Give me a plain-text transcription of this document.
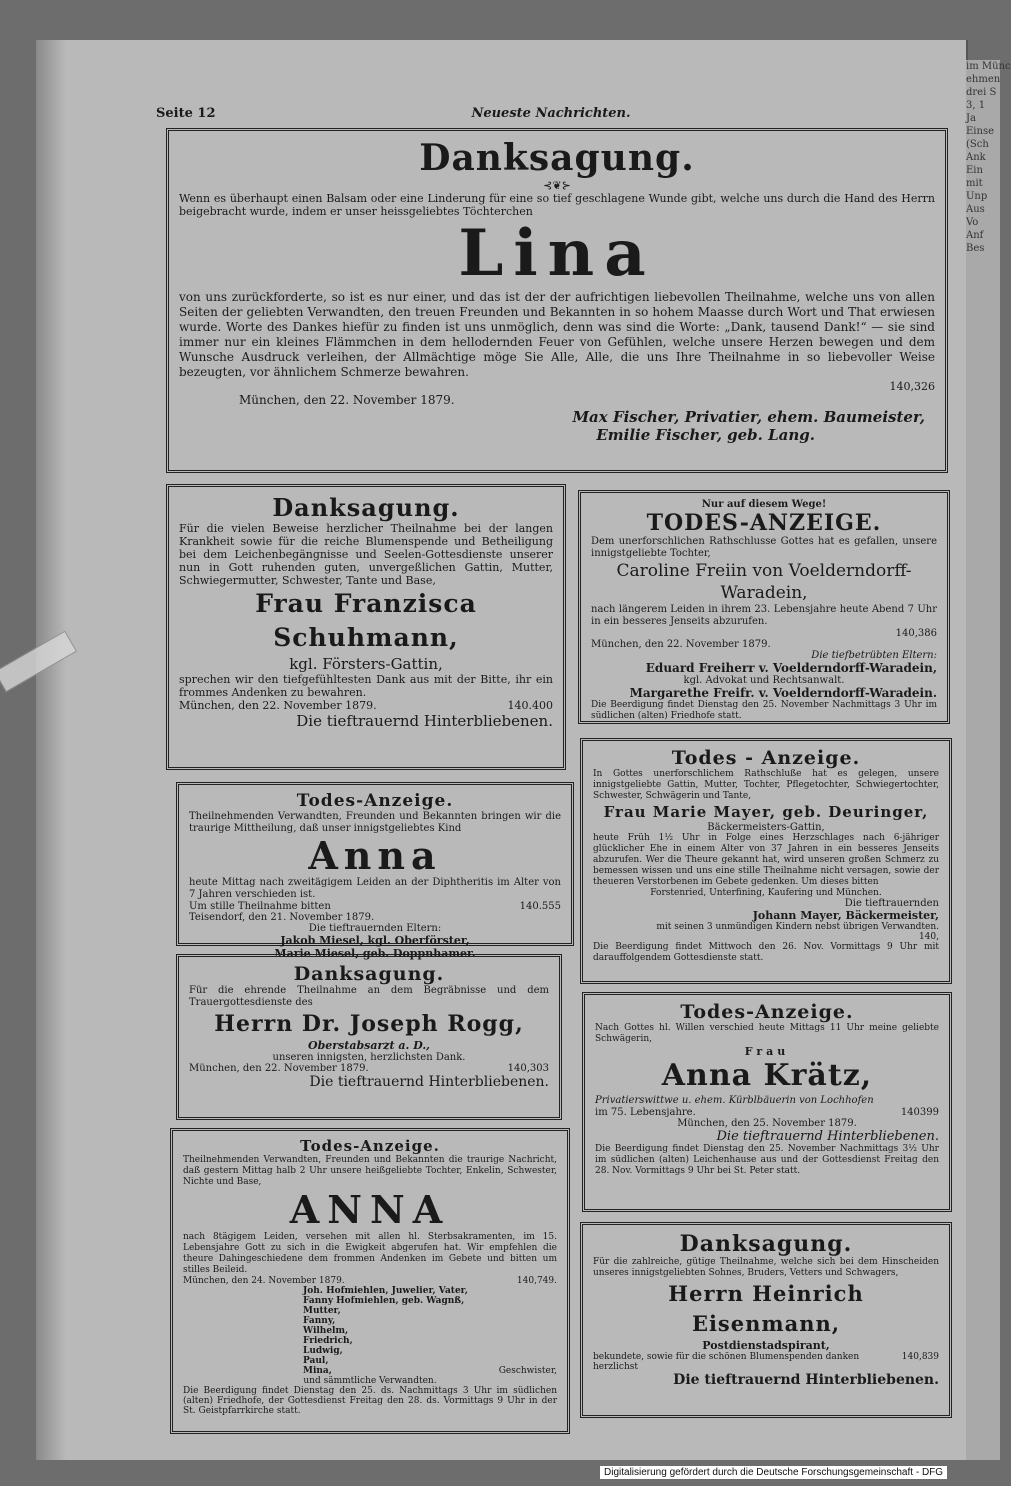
im Münc
ehmen
drei S
3, 1
Ja
Einse
(Sch
Ank
Ein
mit
Unp
Aus
Vo
Anf
Bes
Seite 12	Neueste Nachrichten.
Danksagung.
⊰❦⊱
Wenn es überhaupt einen Balsam oder eine Linderung für eine so tief geschlagene Wunde gibt, welche uns durch die Hand des Herrn beigebracht wurde, indem er unser heissgeliebtes Töchterchen
Lina
von uns zurückforderte, so ist es nur einer, und das ist der der aufrichtigen liebevollen Theilnahme, welche uns von allen Seiten der geliebten Verwandten, den treuen Freunden und Bekannten in so hohem Maasse durch Wort und That erwiesen wurde. Worte des Dankes hiefür zu finden ist uns unmöglich, denn was sind die Worte: „Dank, tausend Dank!“ — sie sind immer nur ein kleines Flämmchen in dem hellodernden Feuer von Gefühlen, welche unsere Herzen bewegen und dem Wunsche Ausdruck verleihen, der Allmächtige möge Sie Alle, Alle, die uns Ihre Theilnahme in so liebevoller Weise bezeugten, vor ähnlichem Schmerze bewahren.
140,326
München, den 22. November 1879.
Max Fischer, Privatier, ehem. Baumeister,
Emilie Fischer, geb. Lang.
Danksagung.
Für die vielen Beweise herzlicher Theilnahme bei der langen Krankheit sowie für die reiche Blumenspende und Betheiligung bei dem Leichenbegängnisse und Seelen-Gottesdienste unserer nun in Gott ruhenden guten, unvergeßlichen Gattin, Mutter, Schwiegermutter, Schwester, Tante und Base,
Frau Franzisca Schuhmann,
kgl. Försters-Gattin,
sprechen wir den tiefgefühltesten Dank aus mit der Bitte, ihr ein frommes Andenken zu bewahren.
München, den 22. November 1879.	140.400
Die tieftrauernd Hinterbliebenen.
Nur auf diesem Wege!
TODES-ANZEIGE.
Dem unerforschlichen Rathschlusse Gottes hat es gefallen, unsere innigstgeliebte Tochter,
Caroline Freiin von Voelderndorff-Waradein,
nach längerem Leiden in ihrem 23. Lebensjahre heute Abend 7 Uhr in ein besseres Jenseits abzurufen.
140,386
München, den 22. November 1879.
Die tiefbetrübten Eltern:
Eduard Freiherr v. Voelderndorff-Waradein,
kgl. Advokat und Rechtsanwalt.
Margarethe Freifr. v. Voelderndorff-Waradein.
Die Beerdigung findet Dienstag den 25. November Nachmittags 3 Uhr im südlichen (alten) Friedhofe statt.
Todes-Anzeige.
Theilnehmenden Verwandten, Freunden und Bekannten bringen wir die traurige Mittheilung, daß unser innigstgeliebtes Kind
Anna
heute Mittag nach zweitägigem Leiden an der Diphtheritis im Alter von 7 Jahren verschieden ist.
Um stille Theilnahme bitten	140.555
Teisendorf, den 21. November 1879.
Die tieftrauernden Eltern:
Jakob Miesel, kgl. Oberförster,
Marie Miesel, geb. Doppnhamer.
Todes - Anzeige.
In Gottes unerforschlichem Rathschluße hat es gelegen, unsere innigstgeliebte Gattin, Mutter, Tochter, Pflegetochter, Schwiegertochter, Schwester, Schwägerin und Tante,
Frau Marie Mayer, geb. Deuringer,
Bäckermeisters-Gattin,
heute Früh 1½ Uhr in Folge eines Herzschlages nach 6-jähriger glücklicher Ehe in einem Alter von 37 Jahren in ein besseres Jenseits abzurufen. Wer die Theure gekannt hat, wird unseren großen Schmerz zu bemessen wissen und uns eine stille Theilnahme nicht versagen, sowie der theueren Verstorbenen im Gebete gedenken. Um dieses bitten
Forstenried, Unterfining, Kaufering und München.
Die tieftrauernden
Johann Mayer, Bäckermeister,
mit seinen 3 unmündigen Kindern nebst übrigen Verwandten.
140,
Die Beerdigung findet Mittwoch den 26. Nov. Vormittags 9 Uhr mit darauffolgendem Gottesdienste statt.
Danksagung.
Für die ehrende Theilnahme an dem Begräbnisse und dem Trauergottesdienste des
Herrn Dr. Joseph Rogg,
Oberstabsarzt a. D.,
unseren innigsten, herzlichsten Dank.
München, den 22. November 1879.	140,303
Die tieftrauernd Hinterbliebenen.
Todes-Anzeige.
Nach Gottes hl. Willen verschied heute Mittags 11 Uhr meine geliebte Schwägerin,
Frau
Anna Krätz,
Privatierswittwe u. ehem. Kürblbäuerin von Lochhofen
im 75. Lebensjahre.	140399
München, den 25. November 1879.
Die tieftrauernd Hinterbliebenen.
Die Beerdigung findet Dienstag den 25. November Nachmittags 3½ Uhr im südlichen (alten) Leichenhause aus und der Gottesdienst Freitag den 28. Nov. Vormittags 9 Uhr bei St. Peter statt.
Todes-Anzeige.
Theilnehmenden Verwandten, Freunden und Bekannten die traurige Nachricht, daß gestern Mittag halb 2 Uhr unsere heißgeliebte Tochter, Enkelin, Schwester, Nichte und Base,
ANNA
nach 8tägigem Leiden, versehen mit allen hl. Sterbsakramenten, im 15. Lebensjahre Gott zu sich in die Ewigkeit abgerufen hat. Wir empfehlen die theure Dahingeschiedene dem frommen Andenken im Gebete und bitten um stilles Beileid.
München, den 24. November 1879.	140,749.
Joh. Hofmiehlen, Juwelier, Vater,
Fanny Hofmiehlen, geb. Wagnß, Mutter,
Fanny,
Wilhelm,
Friedrich,
Ludwig,
Paul,
Mina,	Geschwister,
und sämmtliche Verwandten.
Die Beerdigung findet Dienstag den 25. ds. Nachmittags 3 Uhr im südlichen (alten) Friedhofe, der Gottesdienst Freitag den 28. ds. Vormittags 9 Uhr in der St. Geistpfarrkirche statt.
Danksagung.
Für die zahlreiche, gütige Theilnahme, welche sich bei dem Hinscheiden unseres innigstgeliebten Sohnes, Bruders, Vetters und Schwagers,
Herrn Heinrich Eisenmann,
Postdienstadspirant,
bekundete, sowie für die schönen Blumenspenden danken herzlichst
140,839
Die tieftrauernd Hinterbliebenen.
Digitalisierung gefördert durch die Deutsche Forschungsgemeinschaft - DFG
